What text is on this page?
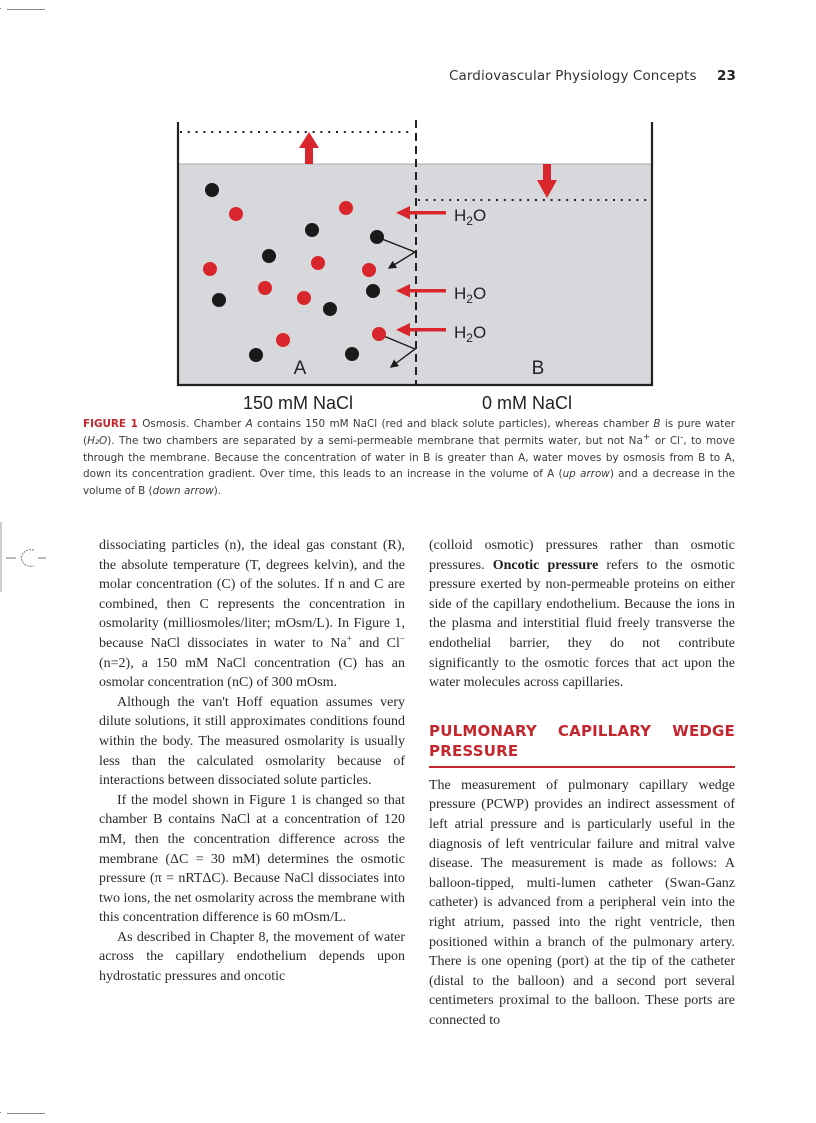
Cardiovascular Physiology Concepts 23
$H_2O$
$H_2O$
$H_2O$
A	B
150 mM NaCl	0 mM NaCl
FIGURE 1 Osmosis. Chamber A contains 150 mM NaCl (red and black solute particles), whereas chamber B is pure water (H₂O). The two chambers are separated by a semi-permeable membrane that permits water, but not Na+ or Cl-, to move through the membrane. Because the concentration of water in B is greater than A, water moves by osmosis from B to A, down its concentration gradient. Over time, this leads to an increase in the volume of A (up arrow) and a decrease in the volume of B (down arrow).

dissociating particles (n), the ideal gas constant (R), the absolute temperature (T, degrees kelvin), and the molar concentration (C) of the solutes. If n and C are combined, then C represents the concentration in osmolarity (milliosmoles/liter; mOsm/L). In Figure 1, because NaCl dissociates in water to Na+ and Cl− (n=2), a 150 mM NaCl concentration (C) has an osmolar concentration (nC) of 300 mOsm.

Although the van't Hoff equation assumes very dilute solutions, it still approximates conditions found within the body. The measured osmolarity is usually less than the calculated osmolarity because of interactions between dissociated solute particles.

If the model shown in Figure 1 is changed so that chamber B contains NaCl at a concentration of 120 mM, then the concentration difference across the membrane (ΔC = 30 mM) determines the osmotic pressure (π = nRTΔC). Because NaCl dissociates into two ions, the net osmolarity across the membrane with this concentration difference is 60 mOsm/L.

As described in Chapter 8, the movement of water across the capillary endothelium depends upon hydrostatic pressures and oncotic

(colloid osmotic) pressures rather than osmotic pressures. Oncotic pressure refers to the osmotic pressure exerted by non-permeable proteins on either side of the capillary endothelium. Because the ions in the plasma and interstitial fluid freely transverse the endothelial barrier, they do not contribute significantly to the osmotic forces that act upon the water molecules across capillaries.

PULMONARY CAPILLARY WEDGE PRESSURE

The measurement of pulmonary capillary wedge pressure (PCWP) provides an indirect assessment of left atrial pressure and is particularly useful in the diagnosis of left ventricular failure and mitral valve disease. The measurement is made as follows: A balloon-tipped, multi-lumen catheter (Swan-Ganz catheter) is advanced from a peripheral vein into the right atrium, passed into the right ventricle, then positioned within a branch of the pulmonary artery. There is one opening (port) at the tip of the catheter (distal to the balloon) and a second port several centimeters proximal to the balloon. These ports are connected to
